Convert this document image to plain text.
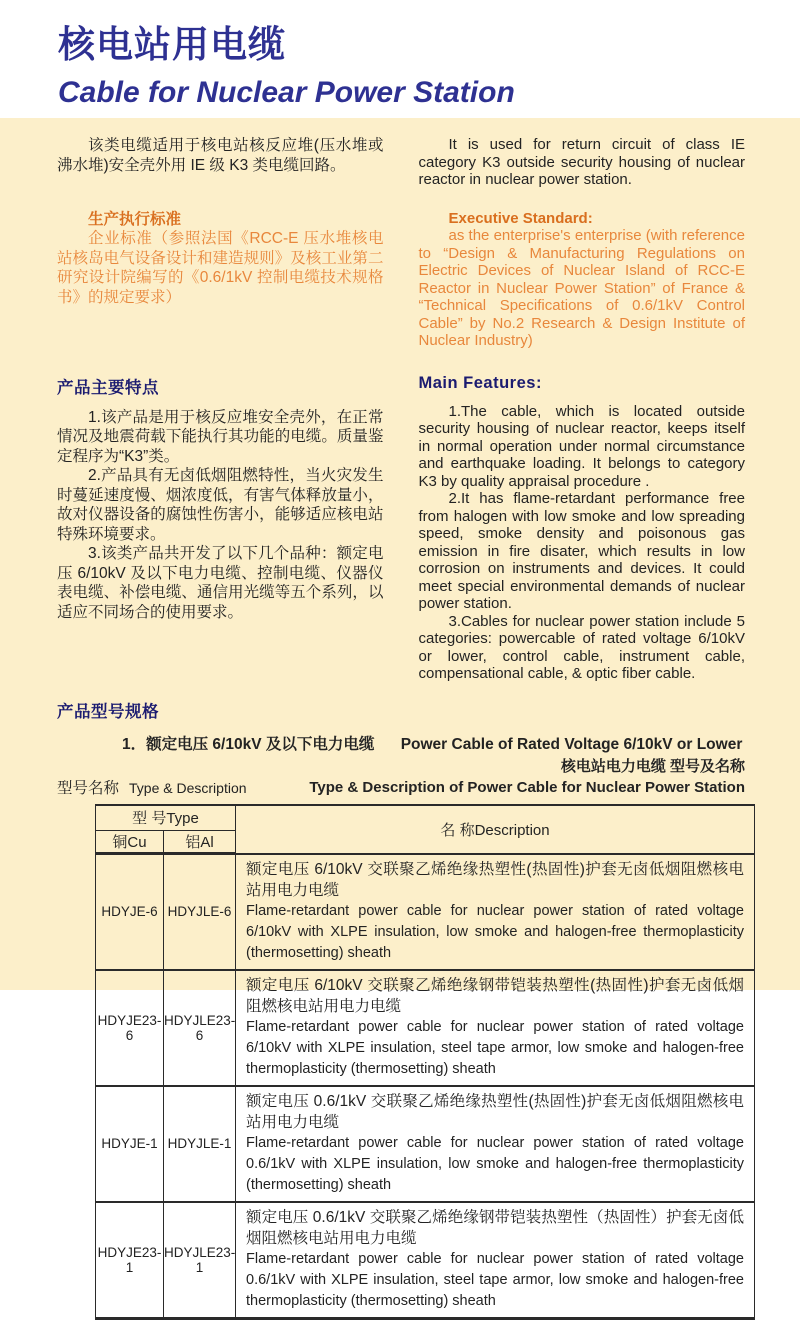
核电站用电缆
Cable for Nuclear Power Station

该类电缆适用于核电站核反应堆(压水堆或沸水堆)安全壳外用 IE 级 K3 类电缆回路。

It is used for return circuit of class IE category K3 outside security housing of nuclear reactor in nuclear power station.

生产执行标准

企业标准（参照法国《RCC-E 压水堆核电站核岛电气设备设计和建造规则》及核工业第二研究设计院编写的《0.6/1kV 控制电缆技术规格书》的规定要求）

Executive Standard:

as the enterprise's enterprise (with reference to “Design & Manufacturing Regulations on Electric Devices of Nuclear Island of RCC-E Reactor in Nuclear Power Station” of France & “Technical Specifications of 0.6/1kV Control Cable” by No.2 Research & Design Institute of Nuclear Industry)

产品主要特点

1.该产品是用于核反应堆安全壳外，在正常情况及地震荷载下能执行其功能的电缆。质量鉴定程序为“K3”类。

2.产品具有无卤低烟阻燃特性，当火灾发生时蔓延速度慢、烟浓度低，有害气体释放量小，故对仪器设备的腐蚀性伤害小，能够适应核电站特殊环境要求。

3.该类产品共开发了以下几个品种：额定电压 6/10kV 及以下电力电缆、控制电缆、仪器仪表电缆、补偿电缆、通信用光缆等五个系列，以适应不同场合的使用要求。

Main Features:

1.The cable, which is located outside security housing of nuclear reactor, keeps itself in normal operation under normal circumstance and earthquake loading. It belongs to category K3 by quality appraisal procedure .

2.It has flame-retardant performance free from halogen with low smoke and low spreading speed, smoke density and poisonous gas emission in fire disater, which results in low corrosion on instruments and devices. It could meet special environmental demands of nuclear power station.

3.Cables for nuclear power station include 5 categories: powercable of rated voltage 6/10kV or lower, control cable, instrument cable, compensational cable, & optic fiber cable.

产品型号规格
1．额定电压 6/10kV 及以下电力电缆 Power Cable of Rated Voltage 6/10kV or Lower
型号名称 Type & Description
核电站电力电缆 型号及名称
Type & Description of Power Cable for Nuclear Power Station
型 号Type		名 称Description
铜Cu	铝Al	
HDYJE-6	HDYJLE-6	额定电压 6/10kV 交联聚乙烯绝缘热塑性(热固性)护套无卤低烟阻燃核电站用电力电缆
Flame-retardant power cable for nuclear power station of rated voltage 6/10kV with XLPE insulation, low smoke and halogen-free thermoplasticity (thermosetting) sheath

HDYJE23-6	HDYJLE23-6	额定电压 6/10kV 交联聚乙烯绝缘钢带铠装热塑性(热固性)护套无卤低烟阻燃核电站用电力电缆
Flame-retardant power cable for nuclear power station of rated voltage 6/10kV with XLPE insulation, steel tape armor, low smoke and halogen-free thermoplasticity (thermosetting) sheath

HDYJE-1	HDYJLE-1	额定电压 0.6/1kV 交联聚乙烯绝缘热塑性(热固性)护套无卤低烟阻燃核电站用电力电缆
Flame-retardant power cable for nuclear power station of rated voltage 0.6/1kV with XLPE insulation, low smoke and halogen-free thermoplasticity (thermosetting) sheath

HDYJE23-1	HDYJLE23-1	额定电压 0.6/1kV 交联聚乙烯绝缘钢带铠装热塑性（热固性）护套无卤低烟阻燃核电站用电力电缆
Flame-retardant power cable for nuclear power station of rated voltage 0.6/1kV with XLPE insulation, steel tape armor, low smoke and halogen-free thermoplasticity (thermosetting) sheath
